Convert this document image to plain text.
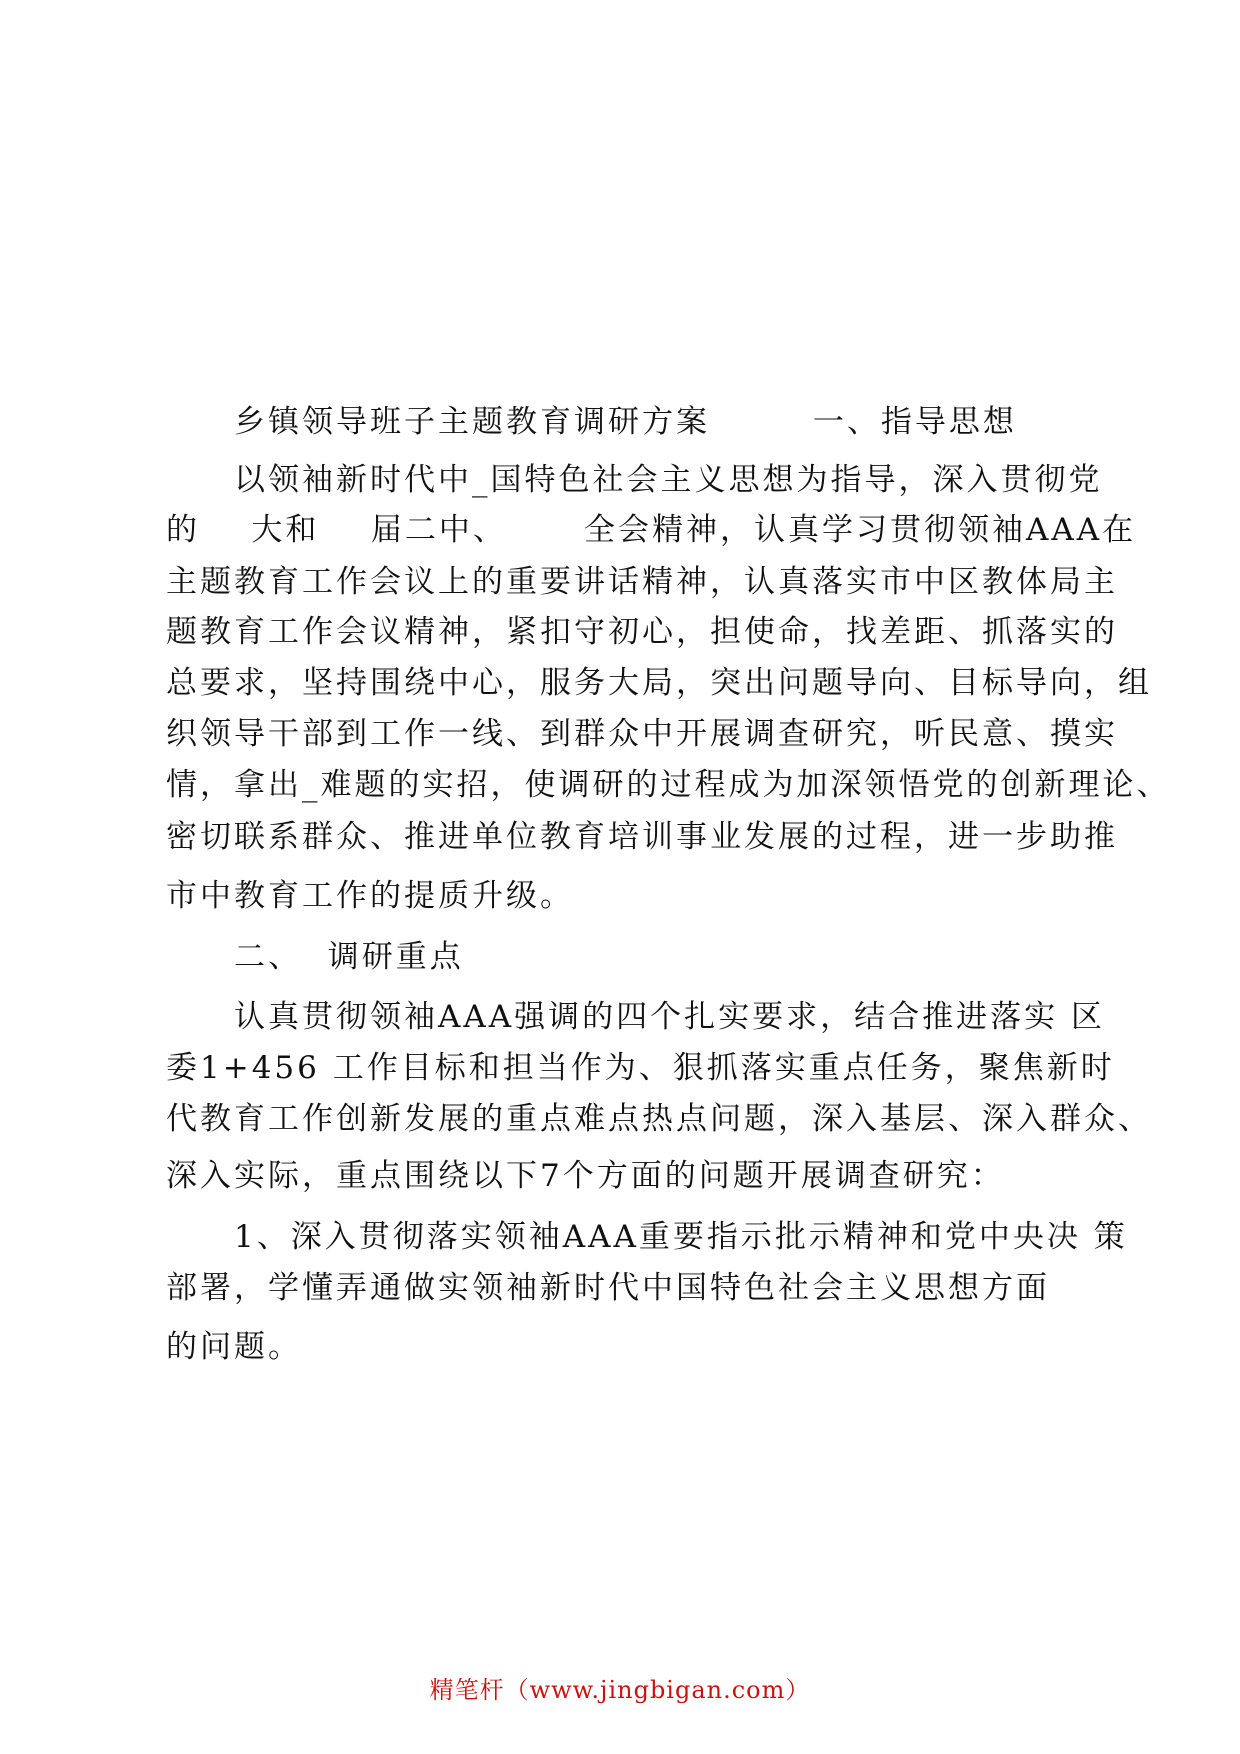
乡镇领导班子主题教育调研方案        一、指导思想
以领袖新时代中_国特色社会主义思想为指导，深入贯彻党
的    大和    届二中、      全会精神，认真学习贯彻领袖AAA在
主题教育工作会议上的重要讲话精神，认真落实市中区教体局主
题教育工作会议精神，紧扣守初心，担使命，找差距、抓落实的
总要求，坚持围绕中心，服务大局，突出问题导向、目标导向，组
织领导干部到工作一线、到群众中开展调查研究，听民意、摸实
情，拿出_难题的实招，使调研的过程成为加深领悟党的创新理论、
密切联系群众、推进单位教育培训事业发展的过程，进一步助推
市中教育工作的提质升级。
二、  调研重点
认真贯彻领袖AAA强调的四个扎实要求，结合推进落实 区
委1+456 工作目标和担当作为、狠抓落实重点任务，聚焦新时
代教育工作创新发展的重点难点热点问题，深入基层、深入群众、
深入实际，重点围绕以下7个方面的问题开展调查研究：
1、深入贯彻落实领袖AAA重要指示批示精神和党中央决 策
部署，学懂弄通做实领袖新时代中国特色社会主义思想方面
的问题。
精笔杆（www.jingbigan.com）
